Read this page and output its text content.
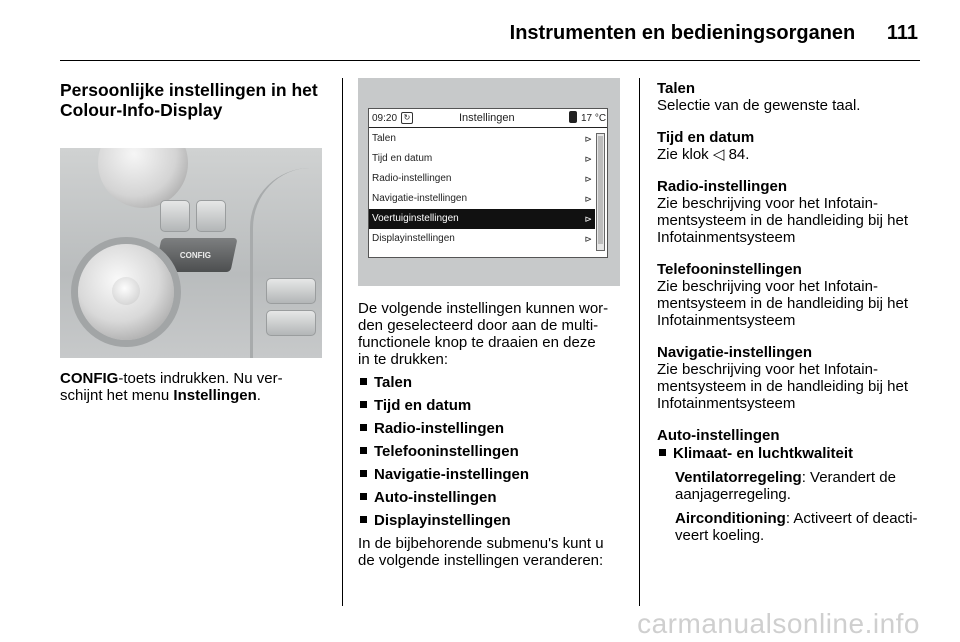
Instrumenten en bedieningsorganen 111
Persoonlijke instellingen in het
Colour-Info-Display
CONFIG

CONFIG-toets indrukken. Nu ver-
schijnt het menu Instellingen.

09:20 ↻	Instellingen	17 °C
Talen	⊳
Tijd en datum	⊳
Radio-instellingen	⊳
Navigatie-instellingen	⊳
Voertuiginstellingen	⊳
Displayinstellingen	⊳

De volgende instellingen kunnen wor-
den geselecteerd door aan de multi-
functionele knop te draaien en deze
in te drukken:

Talen
Tijd en datum
Radio-instellingen
Telefooninstellingen
Navigatie-instellingen
Auto-instellingen
Displayinstellingen

In de bijbehorende submenu's kunt u
de volgende instellingen veranderen:

Talen
Selectie van de gewenste taal.
Tijd en datum
Zie klok ◁ 84.
Radio-instellingen
Zie beschrijving voor het Infotain-
mentsysteem in de handleiding bij het
Infotainmentsysteem
Telefooninstellingen
Zie beschrijving voor het Infotain-
mentsysteem in de handleiding bij het
Infotainmentsysteem
Navigatie-instellingen
Zie beschrijving voor het Infotain-
mentsysteem in de handleiding bij het
Infotainmentsysteem
Auto-instellingen
Klimaat- en luchtkwaliteit

Ventilatorregeling: Verandert de
aanjagerregeling.

Airconditioning: Activeert of deacti-
veert koeling.

carmanualsonline.info
